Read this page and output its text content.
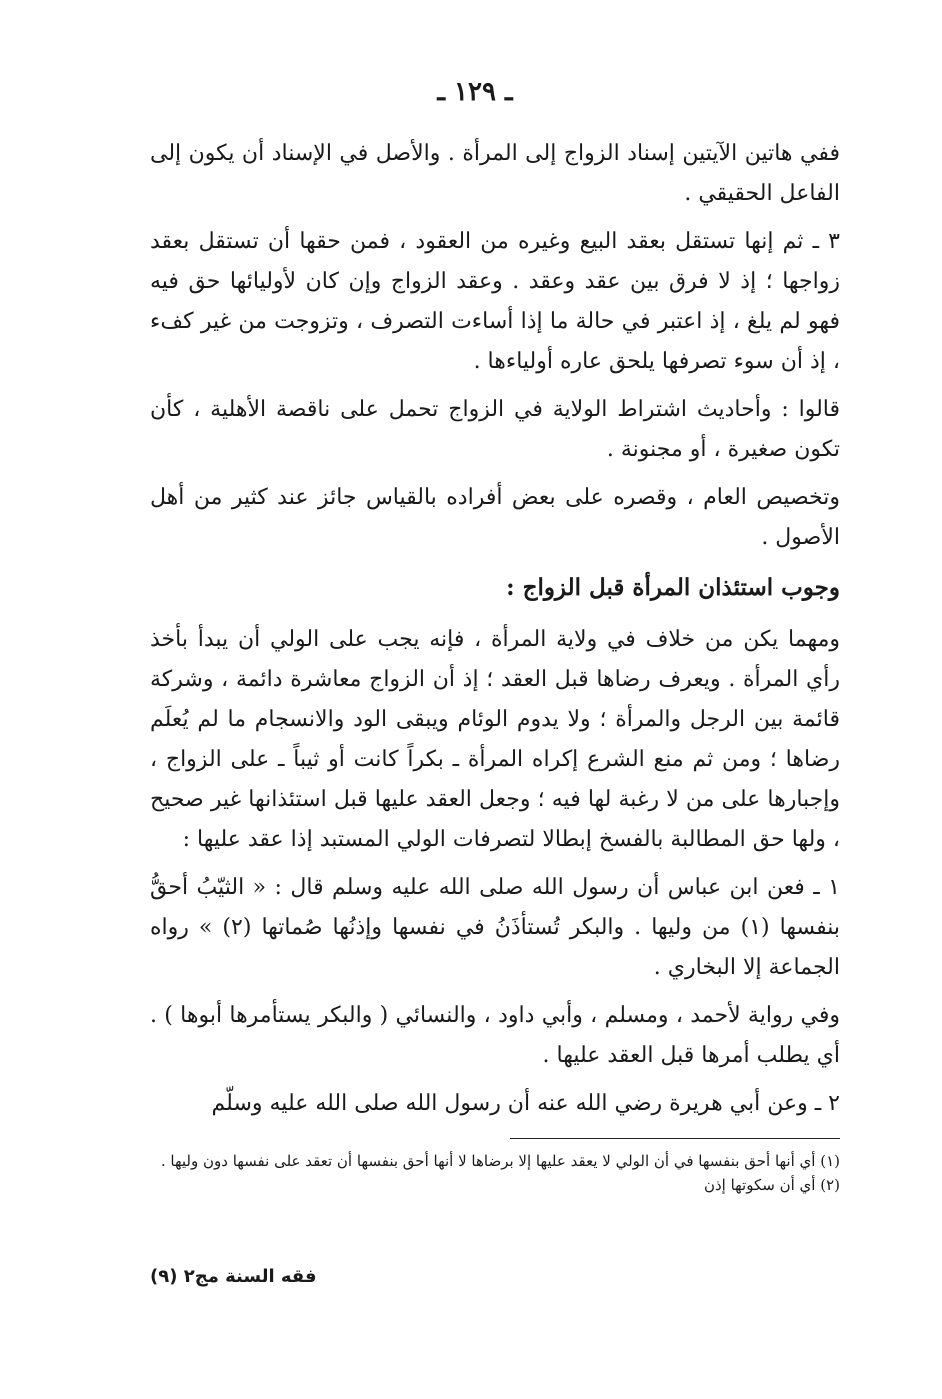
ـ ١٢٩ ـ

ففي هاتين الآيتين إسناد الزواج إلى المرأة . والأصل في الإسناد أن يكون إلى الفاعل الحقيقي .

٣ ـ ثم إنها تستقل بعقد البيع وغيره من العقود ، فمن حقها أن تستقل بعقد زواجها ؛ إذ لا فرق بين عقد وعقد . وعقد الزواج وإن كان لأوليائها حق فيه فهو لم يلغ ، إذ اعتبر في حالة ما إذا أساءت التصرف ، وتزوجت من غير كفء ، إذ أن سوء تصرفها يلحق عاره أولياءها .

قالوا : وأحاديث اشتراط الولاية في الزواج تحمل على ناقصة الأهلية ، كأن تكون صغيرة ، أو مجنونة .

وتخصيص العام ، وقصره على بعض أفراده بالقياس جائز عند كثير من أهل الأصول .

وجوب استئذان المرأة قبل الزواج :

ومهما يكن من خلاف في ولاية المرأة ، فإنه يجب على الولي أن يبدأ بأخذ رأي المرأة . ويعرف رضاها قبل العقد ؛ إذ أن الزواج معاشرة دائمة ، وشركة قائمة بين الرجل والمرأة ؛ ولا يدوم الوئام ويبقى الود والانسجام ما لم يُعلَم رضاها ؛ ومن ثم منع الشرع إكراه المرأة ـ بكراً كانت أو ثيباً ـ على الزواج ، وإجبارها على من لا رغبة لها فيه ؛ وجعل العقد عليها قبل استئذانها غير صحيح ، ولها حق المطالبة بالفسخ إبطالا لتصرفات الولي المستبد إذا عقد عليها :

١ ـ فعن ابن عباس أن رسول الله صلى الله عليه وسلم قال : « الثيّبُ أحقُّ بنفسها (١) من وليها . والبكر تُستأذَنُ في نفسها وإذنُها صُماتها (٢) » رواه الجماعة إلا البخاري .

وفي رواية لأحمد ، ومسلم ، وأبي داود ، والنسائي ( والبكر يستأمرها أبوها ) . أي يطلب أمرها قبل العقد عليها .

٢ ـ وعن أبي هريرة رضي الله عنه أن رسول الله صلى الله عليه وسلّم

(١) أي أنها أحق بنفسها في أن الولي لا يعقد عليها إلا برضاها لا أنها أحق بنفسها أن تعقد على نفسها دون وليها .

(٢) أي أن سكوتها إذن

فقه السنة مج٢ (٩)
